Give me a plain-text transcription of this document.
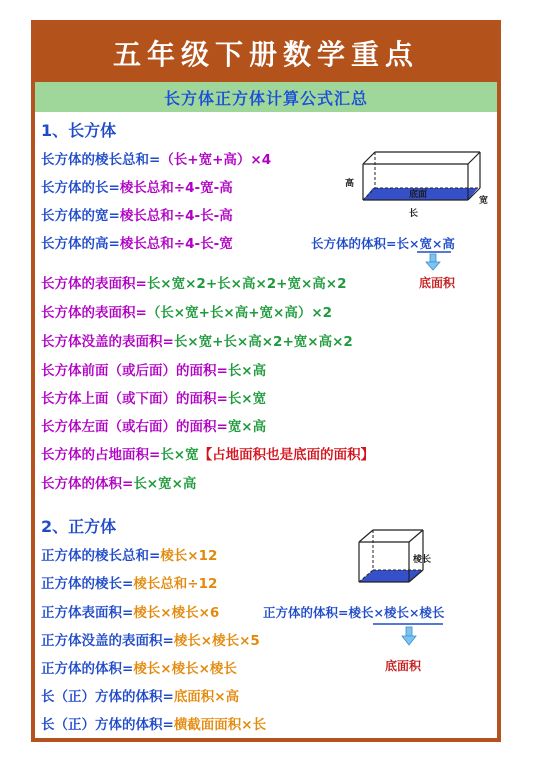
五年级下册数学重点
长方体正方体计算公式汇总
1、长方体
长方体的棱长总和=（长+宽+高）×4
长方体的长=棱长总和÷4-宽-高
长方体的宽=棱长总和÷4-长-高
长方体的高=棱长总和÷4-长-宽
高
底面
宽
长
长方体的体积=长×宽×高
长方体的表面积=长×宽×2+长×高×2+宽×高×2	底面积
长方体的表面积=（长×宽+长×高+宽×高）×2
长方体没盖的表面积=长×宽+长×高×2+宽×高×2
长方体前面（或后面）的面积=长×高
长方体上面（或下面）的面积=长×宽
长方体左面（或右面）的面积=宽×高
长方体的占地面积=长×宽【占地面积也是底面的面积】
长方体的体积=长×宽×高
2、正方体
正方体的棱长总和=棱长×12
正方体的棱长=棱长总和÷12
正方体表面积=棱长×棱长×6
正方体没盖的表面积=棱长×棱长×5
正方体的体积=棱长×棱长×棱长
长（正）方体的体积=底面积×高
长（正）方体的体积=横截面面积×长
棱长
正方体的体积=棱长×棱长×棱长
底面积
